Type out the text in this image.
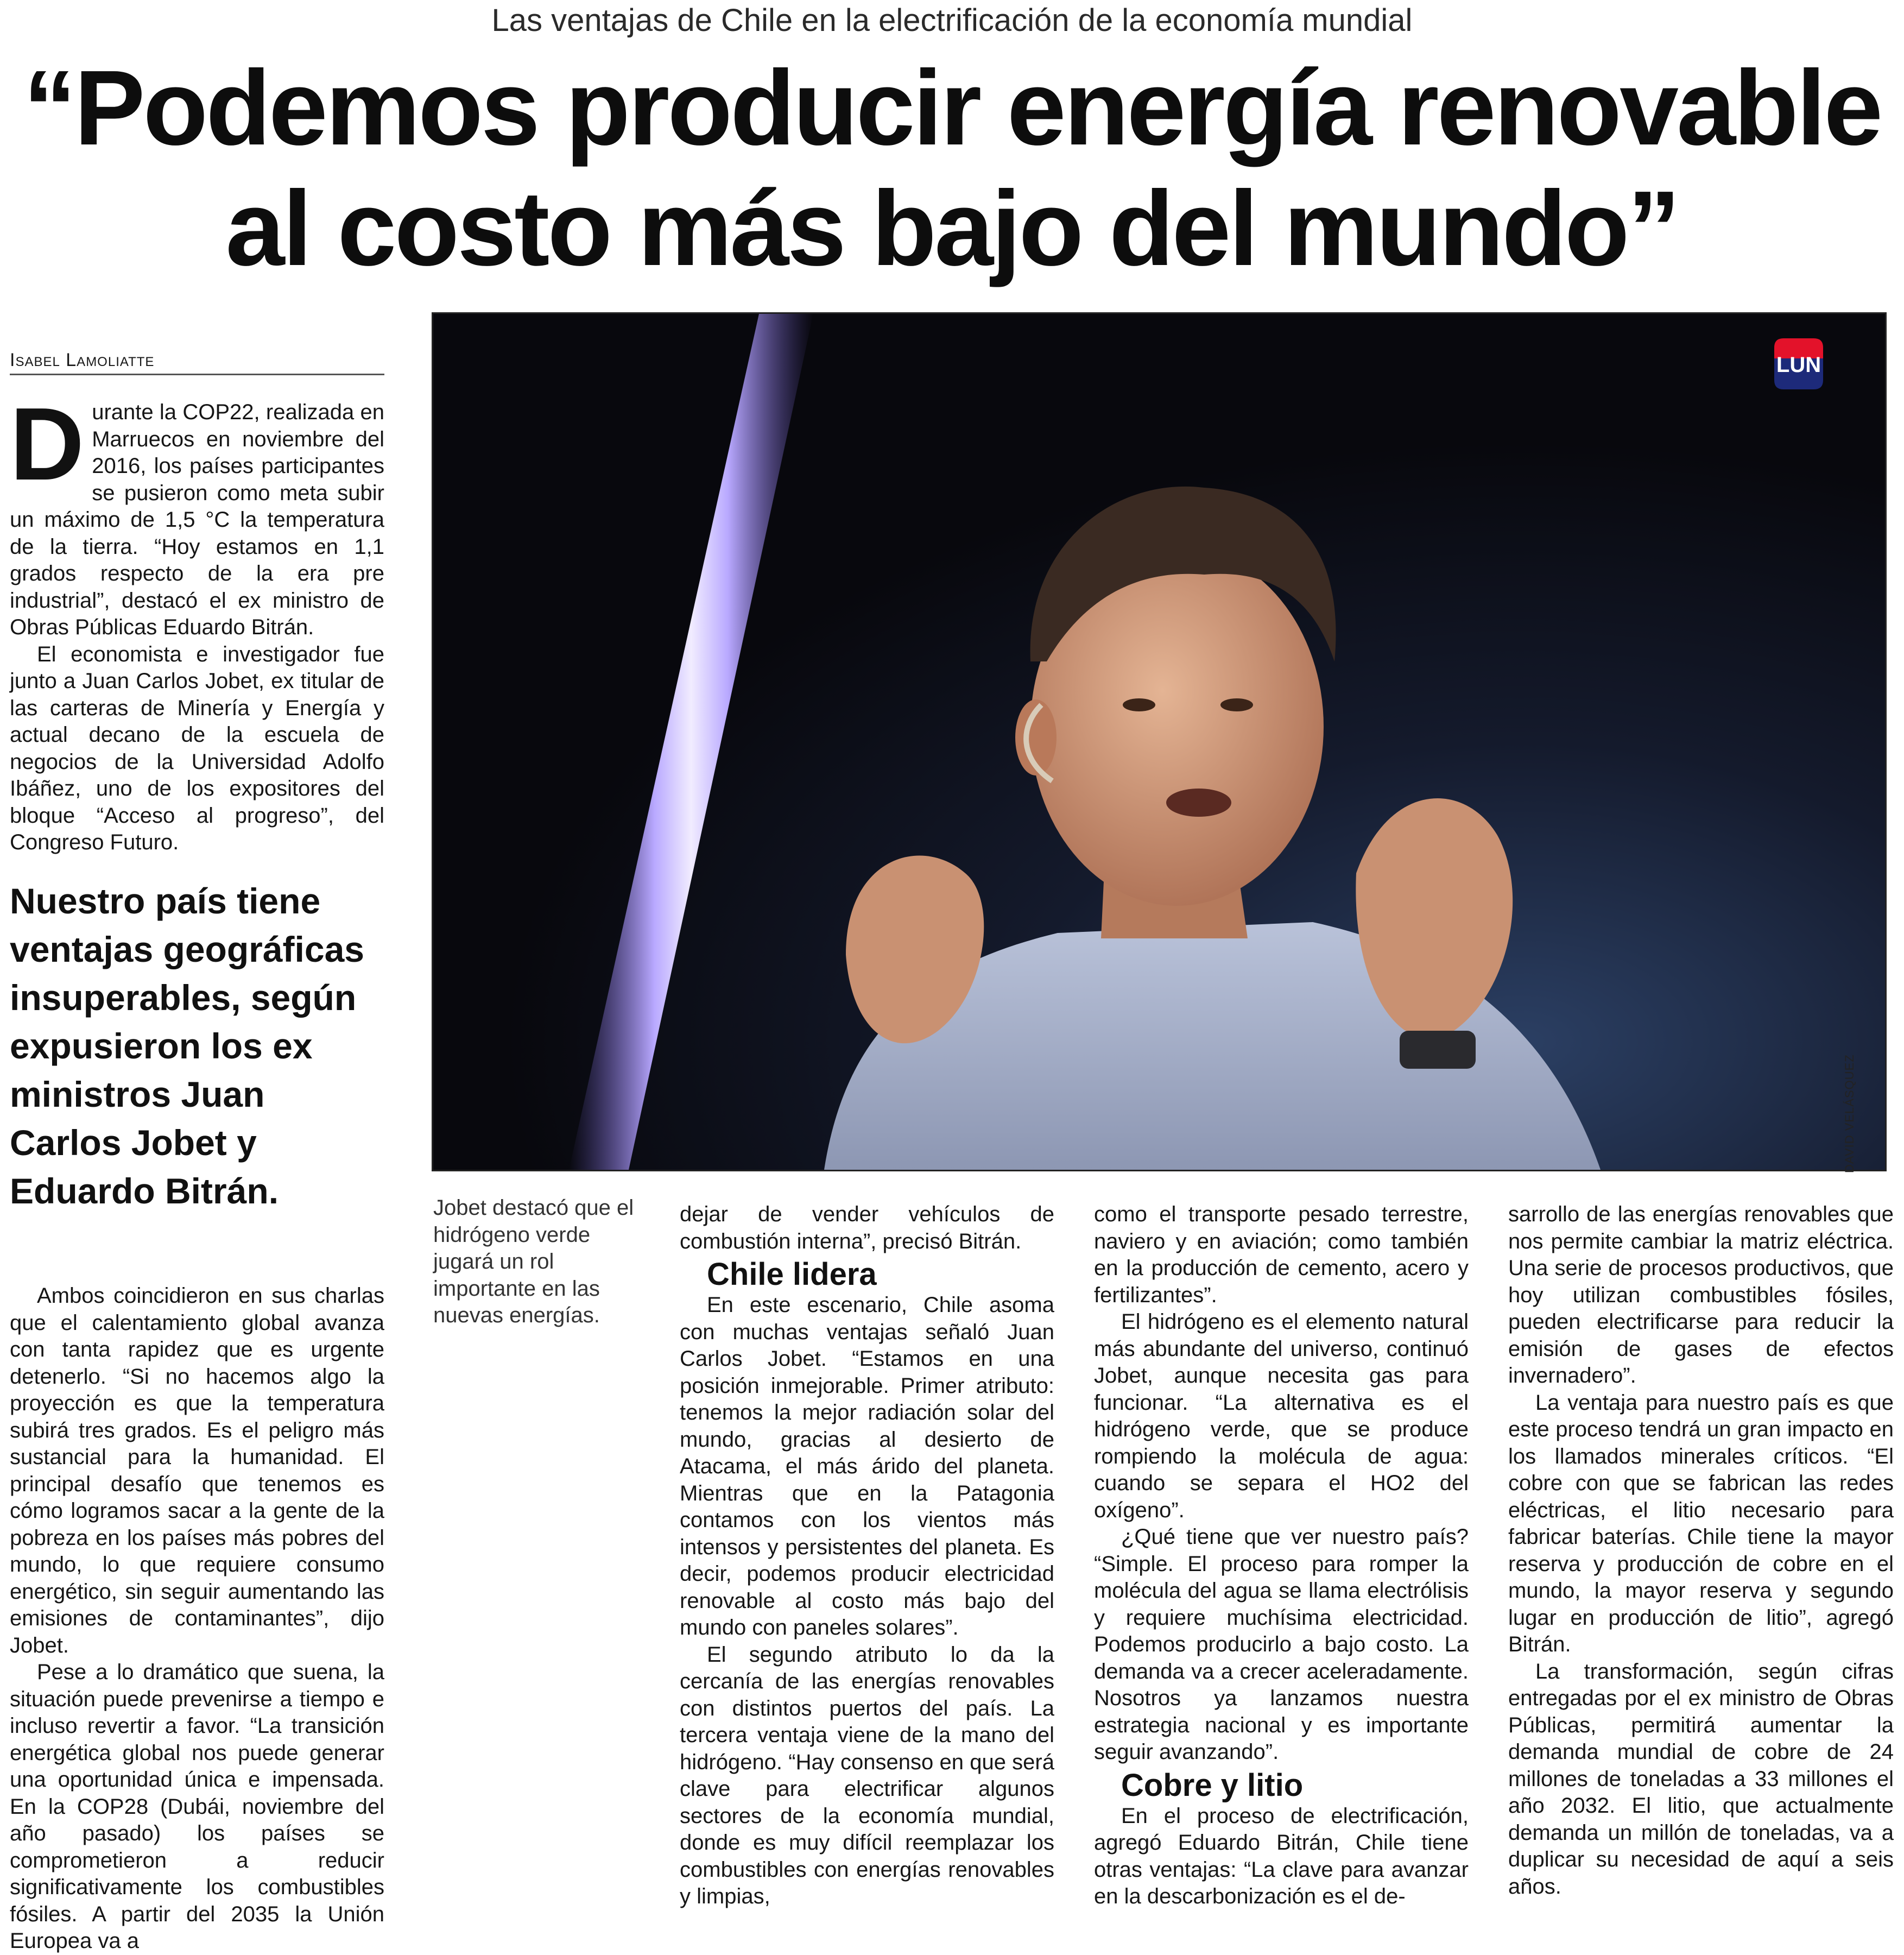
Las ventajas de Chile en la electrificación de la economía mundial
“Podemos producir energía renovable
al costo más bajo del mundo”
Isabel Lamoliatte

Durante la COP22, realizada en Marruecos en noviembre del 2016, los países participantes se pusieron como meta subir un máximo de 1,5 °C la temperatura de la tierra. “Hoy estamos en 1,1 grados respecto de la era pre industrial”, destacó el ex ministro de Obras Públicas Eduardo Bitrán.

El economista e investigador fue junto a Juan Carlos Jobet, ex titular de las carteras de Minería y Energía y actual decano de la escuela de negocios de la Universidad Adolfo Ibáñez, uno de los expositores del bloque “Acceso al progreso”, del Congreso Futuro.

Nuestro país tiene ventajas geográficas insuperables, según expusieron los ex ministros Juan Carlos Jobet y Eduardo Bitrán.

Ambos coincidieron en sus charlas que el calentamiento global avanza con tanta rapidez que es urgente detenerlo. “Si no hacemos algo la proyección es que la temperatura subirá tres grados. Es el peligro más sustancial para la humanidad. El principal desafío que tenemos es cómo logramos sacar a la gente de la pobreza en los países más pobres del mundo, lo que requiere consumo energético, sin seguir aumentando las emisiones de contaminantes”, dijo Jobet.

Pese a lo dramático que suena, la situación puede prevenirse a tiempo e incluso revertir a favor. “La transición energética global nos puede generar una oportunidad única e impensada. En la COP28 (Dubái, noviembre del año pasado) los países se comprometieron a reducir significativamente los combustibles fósiles. A partir del 2035 la Unión Europea va a

LUN
DAVID VELÁSQUEZ
Jobet destacó que el hidrógeno verde jugará un rol importante en las nuevas energías.

dejar de vender vehículos de combustión interna”, precisó Bitrán.

Chile lidera

En este escenario, Chile asoma con muchas ventajas señaló Juan Carlos Jobet. “Estamos en una posición inmejorable. Primer atributo: tenemos la mejor radiación solar del mundo, gracias al desierto de Atacama, el más árido del planeta. Mientras que en la Patagonia contamos con los vientos más intensos y persistentes del planeta. Es decir, podemos producir electricidad renovable al costo más bajo del mundo con paneles solares”.

El segundo atributo lo da la cercanía de las energías renovables con distintos puertos del país. La tercera ventaja viene de la mano del hidrógeno. “Hay consenso en que será clave para electrificar algunos sectores de la economía mundial, donde es muy difícil reemplazar los combustibles con energías renovables y limpias,

como el transporte pesado terrestre, naviero y en aviación; como también en la producción de cemento, acero y fertilizantes”.

El hidrógeno es el elemento natural más abundante del universo, continuó Jobet, aunque necesita gas para funcionar. “La alternativa es el hidrógeno verde, que se produce rompiendo la molécula de agua: cuando se separa el HO2 del oxígeno”.

¿Qué tiene que ver nuestro país? “Simple. El proceso para romper la molécula del agua se llama electrólisis y requiere muchísima electricidad. Podemos producirlo a bajo costo. La demanda va a crecer aceleradamente. Nosotros ya lanzamos nuestra estrategia nacional y es importante seguir avanzando”.

Cobre y litio

En el proceso de electrificación, agregó Eduardo Bitrán, Chile tiene otras ventajas: “La clave para avanzar en la descarbonización es el de-

sarrollo de las energías renovables que nos permite cambiar la matriz eléctrica. Una serie de procesos productivos, que hoy utilizan combustibles fósiles, pueden electrificarse para reducir la emisión de gases de efectos invernadero”.

La ventaja para nuestro país es que este proceso tendrá un gran impacto en los llamados minerales críticos. “El cobre con que se fabrican las redes eléctricas, el litio necesario para fabricar baterías. Chile tiene la mayor reserva y producción de cobre en el mundo, la mayor reserva y segundo lugar en producción de litio”, agregó Bitrán.

La transformación, según cifras entregadas por el ex ministro de Obras Públicas, permitirá aumentar la demanda mundial de cobre de 24 millones de toneladas a 33 millones el año 2032. El litio, que actualmente demanda un millón de toneladas, va a duplicar su necesidad de aquí a seis años.
